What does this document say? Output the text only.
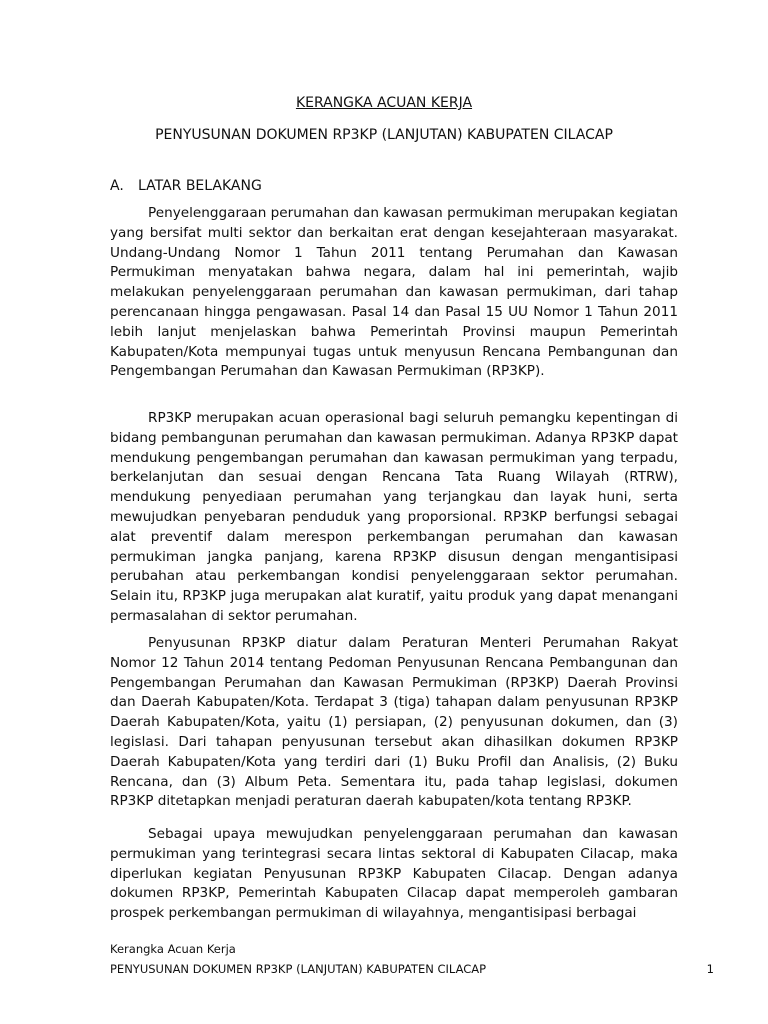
KERANGKA ACUAN KERJA
PENYUSUNAN DOKUMEN RP3KP (LANJUTAN) KABUPATEN CILACAP
A. LATAR BELAKANG

Penyelenggaraan perumahan dan kawasan permukiman merupakan kegiatan yang bersifat multi sektor dan berkaitan erat dengan kesejahteraan masyarakat. Undang-Undang Nomor 1 Tahun 2011 tentang Perumahan dan Kawasan Permukiman menyatakan bahwa negara, dalam hal ini pemerintah, wajib melakukan penyelenggaraan perumahan dan kawasan permukiman, dari tahap perencanaan hingga pengawasan. Pasal 14 dan Pasal 15 UU Nomor 1 Tahun 2011 lebih lanjut menjelaskan bahwa Pemerintah Provinsi maupun Pemerintah Kabupaten/Kota mempunyai tugas untuk menyusun Rencana Pembangunan dan Pengembangan Perumahan dan Kawasan Permukiman (RP3KP).

RP3KP merupakan acuan operasional bagi seluruh pemangku kepentingan di bidang pembangunan perumahan dan kawasan permukiman. Adanya RP3KP dapat mendukung pengembangan perumahan dan kawasan permukiman yang terpadu, berkelanjutan dan sesuai dengan Rencana Tata Ruang Wilayah (RTRW), mendukung penyediaan perumahan yang terjangkau dan layak huni, serta mewujudkan penyebaran penduduk yang proporsional. RP3KP berfungsi sebagai alat preventif dalam merespon perkembangan perumahan dan kawasan permukiman jangka panjang, karena RP3KP disusun dengan mengantisipasi perubahan atau perkembangan kondisi penyelenggaraan sektor perumahan. Selain itu, RP3KP juga merupakan alat kuratif, yaitu produk yang dapat menangani permasalahan di sektor perumahan.

Penyusunan RP3KP diatur dalam Peraturan Menteri Perumahan Rakyat Nomor 12 Tahun 2014 tentang Pedoman Penyusunan Rencana Pembangunan dan Pengembangan Perumahan dan Kawasan Permukiman (RP3KP) Daerah Provinsi dan Daerah Kabupaten/Kota. Terdapat 3 (tiga) tahapan dalam penyusunan RP3KP Daerah Kabupaten/Kota, yaitu (1) persiapan, (2) penyusunan dokumen, dan (3) legislasi. Dari tahapan penyusunan tersebut akan dihasilkan dokumen RP3KP Daerah Kabupaten/Kota yang terdiri dari (1) Buku Profil dan Analisis, (2) Buku Rencana, dan (3) Album Peta. Sementara itu, pada tahap legislasi, dokumen RP3KP ditetapkan menjadi peraturan daerah kabupaten/kota tentang RP3KP.

Sebagai upaya mewujudkan penyelenggaraan perumahan dan kawasan permukiman yang terintegrasi secara lintas sektoral di Kabupaten Cilacap, maka diperlukan kegiatan Penyusunan RP3KP Kabupaten Cilacap. Dengan adanya dokumen RP3KP, Pemerintah Kabupaten Cilacap dapat memperoleh gambaran prospek perkembangan permukiman di wilayahnya, mengantisipasi berbagai

Kerangka Acuan Kerja
PENYUSUNAN DOKUMEN RP3KP (LANJUTAN) KABUPATEN CILACAP	1
